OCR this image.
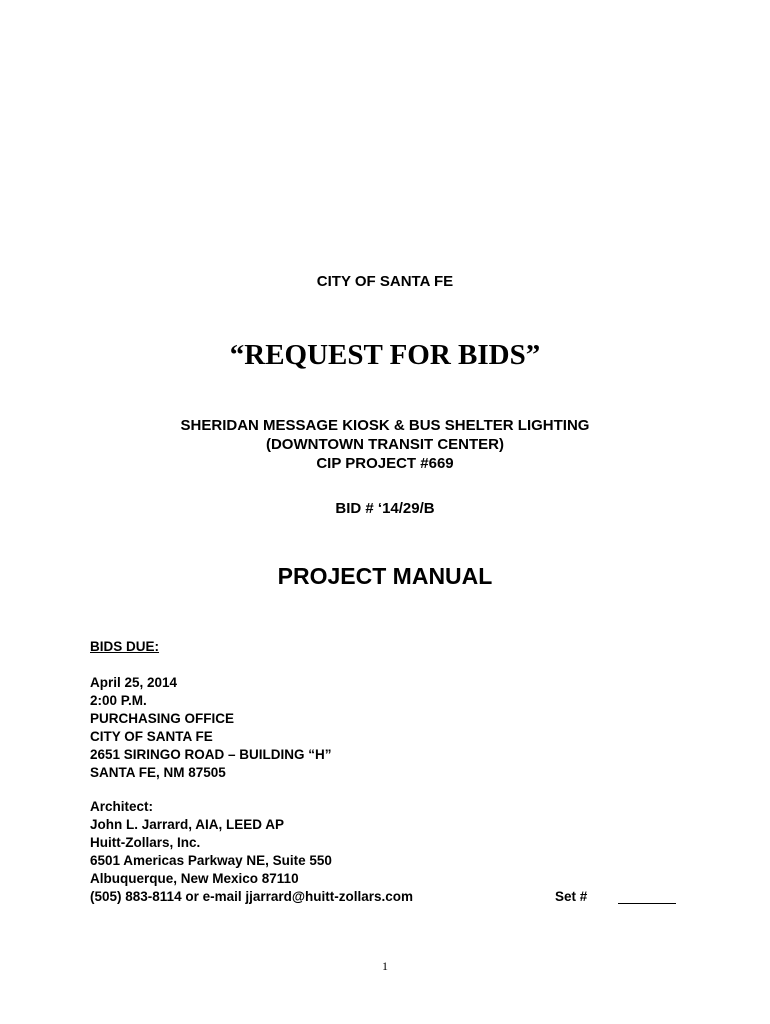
CITY OF SANTA FE
“REQUEST FOR BIDS”
SHERIDAN MESSAGE KIOSK & BUS SHELTER LIGHTING
(DOWNTOWN TRANSIT CENTER)
CIP PROJECT #669
BID # ‘14/29/B
PROJECT MANUAL
BIDS DUE:
April 25, 2014
2:00 P.M.
PURCHASING OFFICE
CITY OF SANTA FE
2651 SIRINGO ROAD – BUILDING “H”
SANTA FE, NM 87505
Architect:
John L. Jarrard, AIA, LEED AP
Huitt-Zollars, Inc.
6501 Americas Parkway NE, Suite 550
Albuquerque, New Mexico 87110
(505) 883-8114 or e-mail jjarrard@huitt-zollars.com	Set #
1
